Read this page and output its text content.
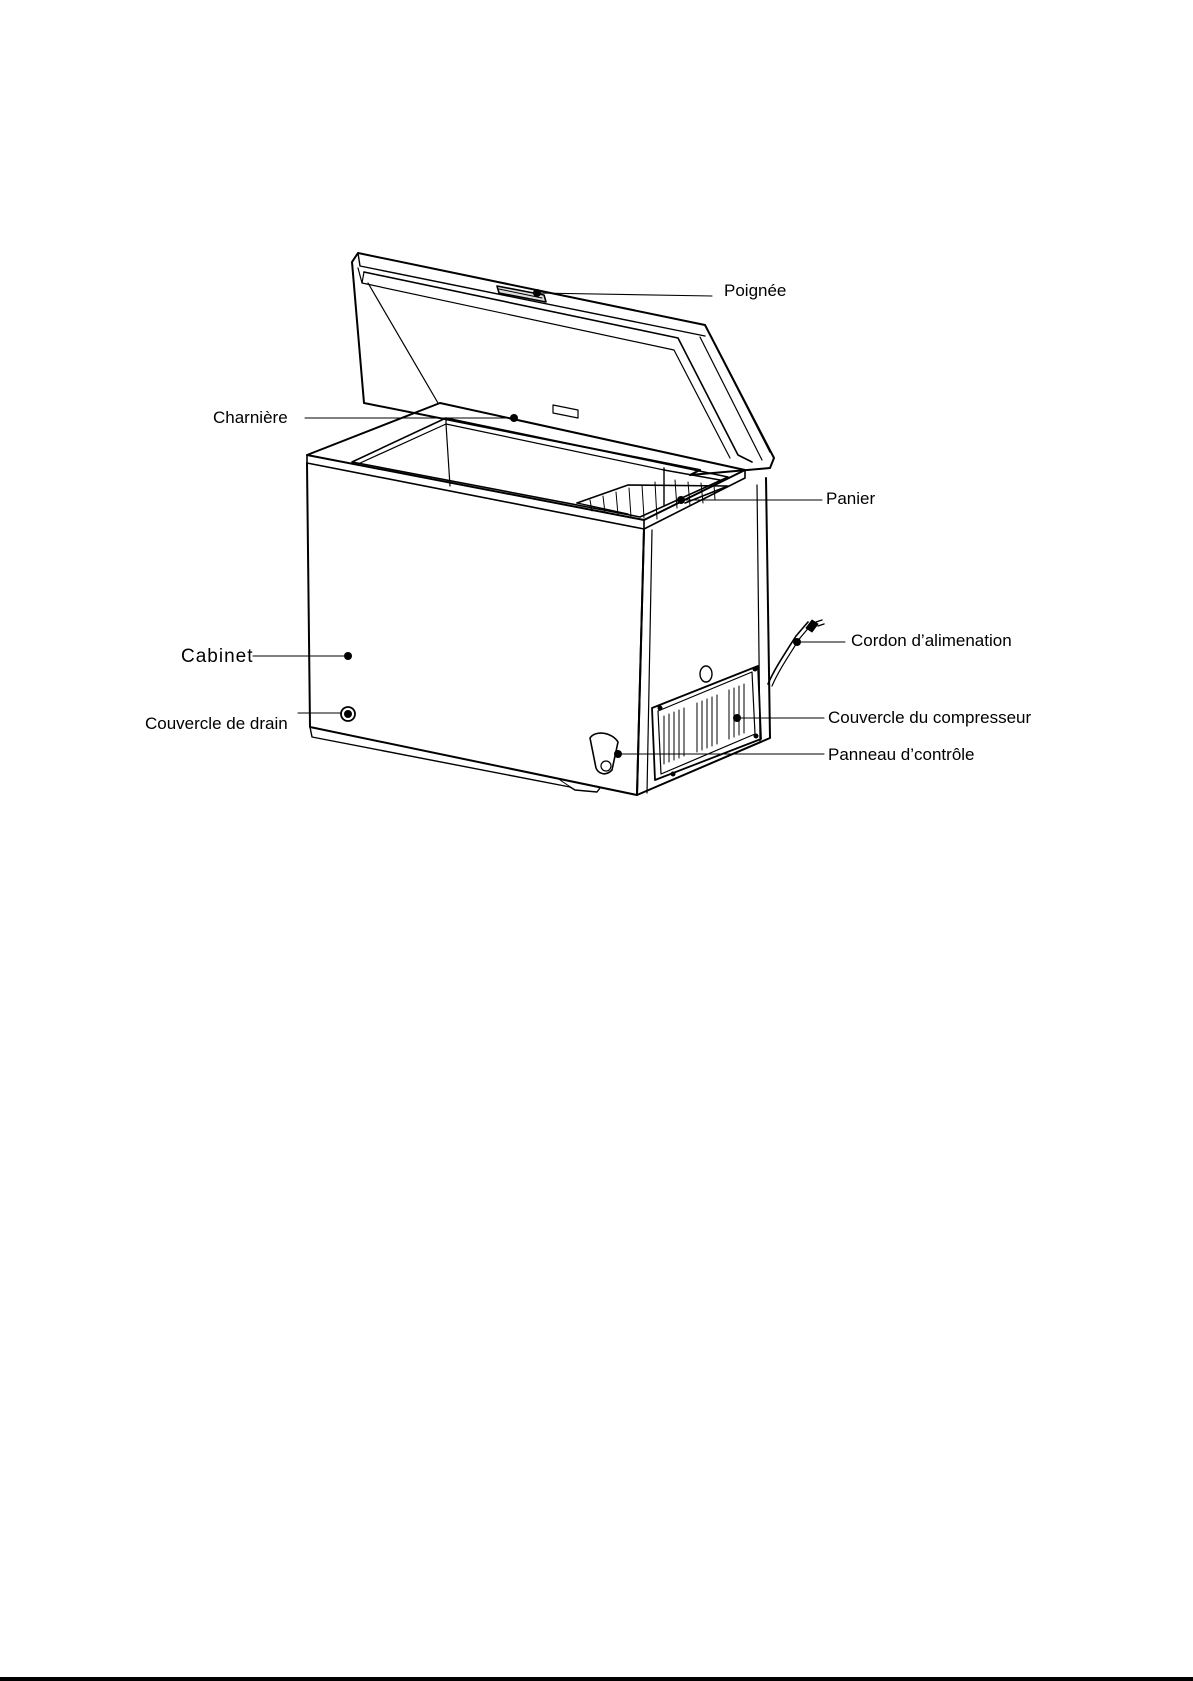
Poignée
Charnière
Panier
Cabinet
Cordon d’alimenation
Couvercle de drain	Couvercle du compresseur
Panneau d’contrôle
